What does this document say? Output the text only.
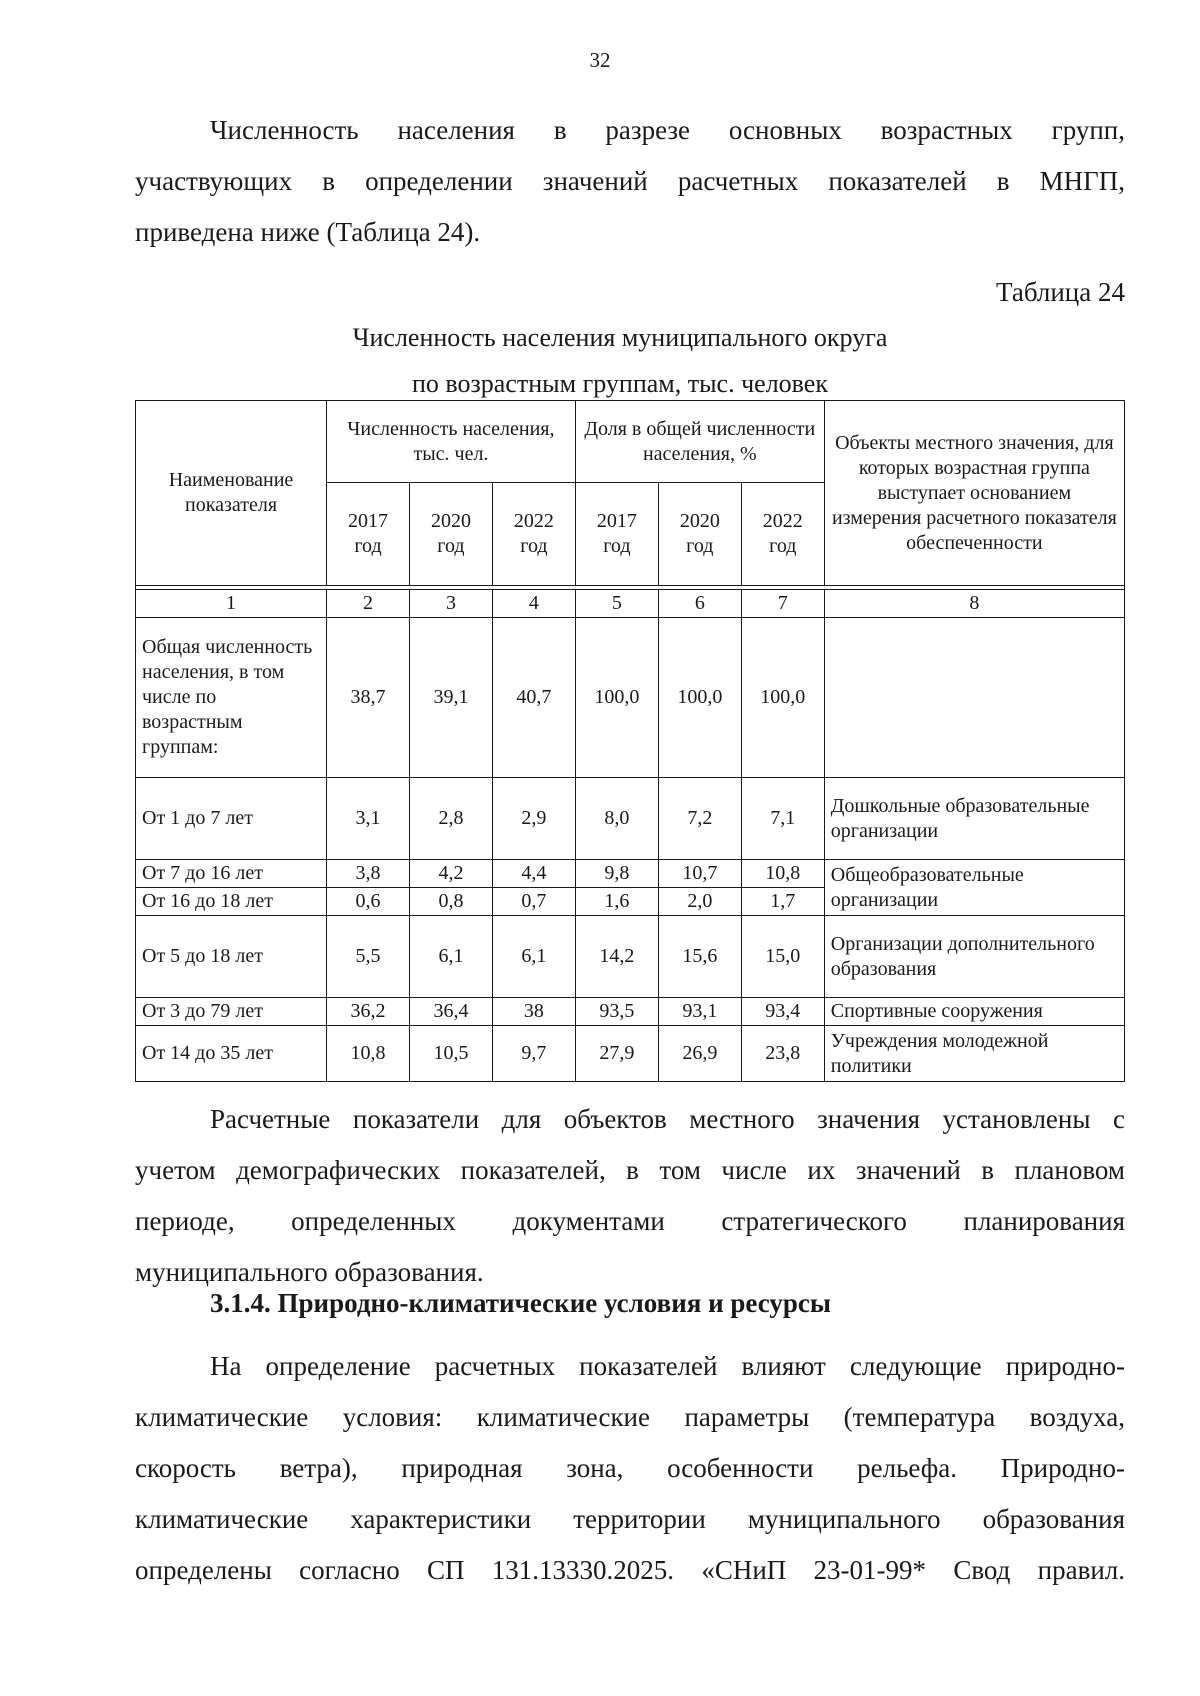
32

Численность населения в разрезе основных возрастных групп,
участвующих в определении значений расчетных показателей в МНГП,
приведена ниже (Таблица 24).

Таблица 24
Численность населения муниципального округа
по возрастным группам, тыс. человек
Наименование показателя	Численность населения, тыс. чел.			Доля в общей численности населения, %			Объекты местного значения, для которых возрастная группа выступает основанием измерения расчетного показателя обеспеченности
	2017 год	2020 год	2022 год	2017 год	2020 год	2022 год	

1	2	3	4	5	6	7	8
Общая численность населения, в том числе по возрастным группам:	38,7	39,1	40,7	100,0	100,0	100,0	
От 1 до 7 лет	3,1	2,8	2,9	8,0	7,2	7,1	Дошкольные образовательные организации
От 7 до 16 лет	3,8	4,2	4,4	9,8	10,7	10,8	Общеобразовательные организации
От 16 до 18 лет	0,6	0,8	0,7	1,6	2,0	1,7	
От 5 до 18 лет	5,5	6,1	6,1	14,2	15,6	15,0	Организации дополнительного образования
От 3 до 79 лет	36,2	36,4	38	93,5	93,1	93,4	Спортивные сооружения
От 14 до 35 лет	10,8	10,5	9,7	27,9	26,9	23,8	Учреждения молодежной политики

Расчетные показатели для объектов местного значения установлены с
учетом демографических показателей, в том числе их значений в плановом
периоде, определенных документами стратегического планирования
муниципального образования.

3.1.4. Природно-климатические условия и ресурсы

На определение расчетных показателей влияют следующие природно-
климатические условия: климатические параметры (температура воздуха,
скорость ветра), природная зона, особенности рельефа. Природно-
климатические характеристики территории муниципального образования
определены согласно СП 131.13330.2025. «СНиП 23-01-99* Свод правил.
